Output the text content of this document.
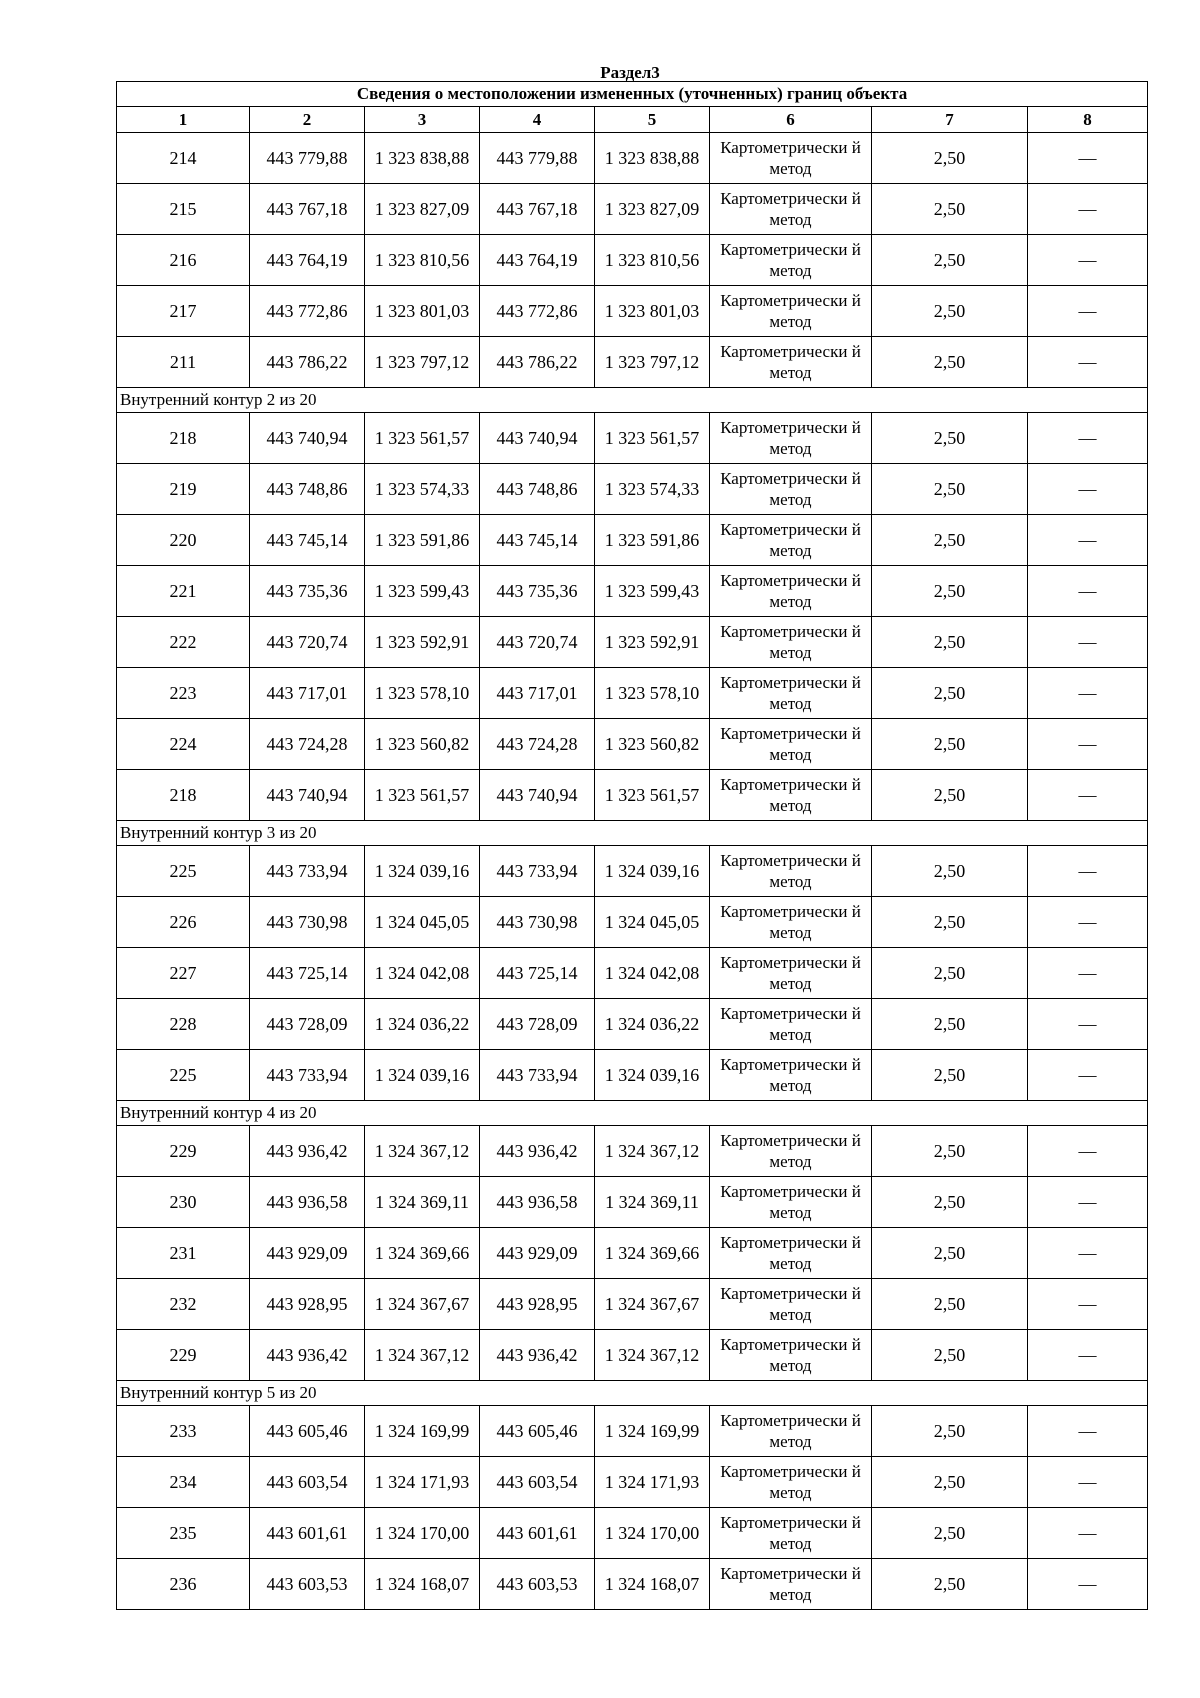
Раздел3
Сведения о местоположении измененных (уточненных) границ объекта							
1	2	3	4	5	6	7	8
214	443 779,88	1 323 838,88	443 779,88	1 323 838,88	Картометрически й метод	2,50	—
215	443 767,18	1 323 827,09	443 767,18	1 323 827,09	Картометрически й метод	2,50	—
216	443 764,19	1 323 810,56	443 764,19	1 323 810,56	Картометрически й метод	2,50	—
217	443 772,86	1 323 801,03	443 772,86	1 323 801,03	Картометрически й метод	2,50	—
211	443 786,22	1 323 797,12	443 786,22	1 323 797,12	Картометрически й метод	2,50	—
Внутренний контур 2 из 20							
218	443 740,94	1 323 561,57	443 740,94	1 323 561,57	Картометрически й метод	2,50	—
219	443 748,86	1 323 574,33	443 748,86	1 323 574,33	Картометрически й метод	2,50	—
220	443 745,14	1 323 591,86	443 745,14	1 323 591,86	Картометрически й метод	2,50	—
221	443 735,36	1 323 599,43	443 735,36	1 323 599,43	Картометрически й метод	2,50	—
222	443 720,74	1 323 592,91	443 720,74	1 323 592,91	Картометрически й метод	2,50	—
223	443 717,01	1 323 578,10	443 717,01	1 323 578,10	Картометрически й метод	2,50	—
224	443 724,28	1 323 560,82	443 724,28	1 323 560,82	Картометрически й метод	2,50	—
218	443 740,94	1 323 561,57	443 740,94	1 323 561,57	Картометрически й метод	2,50	—
Внутренний контур 3 из 20							
225	443 733,94	1 324 039,16	443 733,94	1 324 039,16	Картометрически й метод	2,50	—
226	443 730,98	1 324 045,05	443 730,98	1 324 045,05	Картометрически й метод	2,50	—
227	443 725,14	1 324 042,08	443 725,14	1 324 042,08	Картометрически й метод	2,50	—
228	443 728,09	1 324 036,22	443 728,09	1 324 036,22	Картометрически й метод	2,50	—
225	443 733,94	1 324 039,16	443 733,94	1 324 039,16	Картометрически й метод	2,50	—
Внутренний контур 4 из 20							
229	443 936,42	1 324 367,12	443 936,42	1 324 367,12	Картометрически й метод	2,50	—
230	443 936,58	1 324 369,11	443 936,58	1 324 369,11	Картометрически й метод	2,50	—
231	443 929,09	1 324 369,66	443 929,09	1 324 369,66	Картометрически й метод	2,50	—
232	443 928,95	1 324 367,67	443 928,95	1 324 367,67	Картометрически й метод	2,50	—
229	443 936,42	1 324 367,12	443 936,42	1 324 367,12	Картометрически й метод	2,50	—
Внутренний контур 5 из 20							
233	443 605,46	1 324 169,99	443 605,46	1 324 169,99	Картометрически й метод	2,50	—
234	443 603,54	1 324 171,93	443 603,54	1 324 171,93	Картометрически й метод	2,50	—
235	443 601,61	1 324 170,00	443 601,61	1 324 170,00	Картометрически й метод	2,50	—
236	443 603,53	1 324 168,07	443 603,53	1 324 168,07	Картометрически й метод	2,50	—
